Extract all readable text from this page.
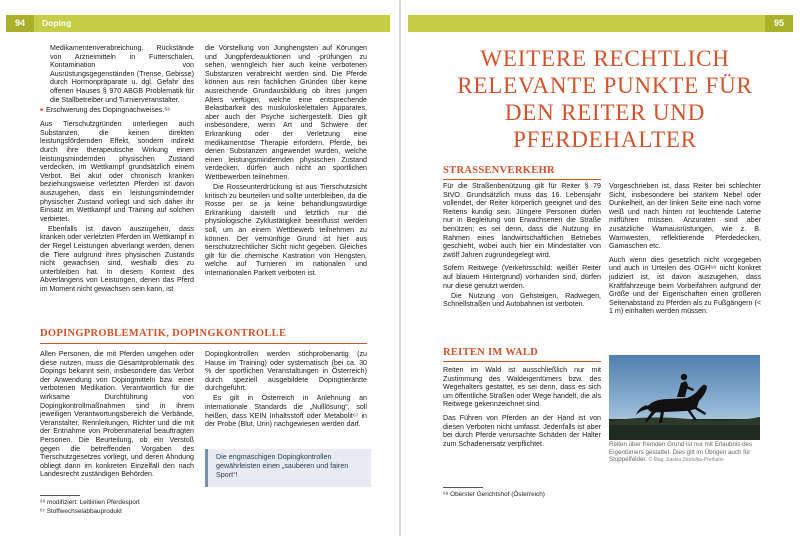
94	Doping	95

Medikamentenverabreichung, Rückstände von Arzneimitteln in Futterschalen, Kontamination von Ausrüstungsgegenständen (Trense, Gebisse) durch Hormonpräparate u. dgl. Gefahr des offenen Hauses § 970 ABGB Problematik für die Stallbetreiber und Turnierveranstalter.

■ Erschwerung des Dopingnachweises.⁶⁶

Aus Tierschutzgründen unterliegen auch Substanzen, die keinen direkten leistungsfördernden Effekt, sondern indirekt durch ihre therapeutische Wirkung einen leistungsmindernden physischen Zustand verdecken, im Wettkampf grundsätzlich einem Verbot. Bei akut oder chronisch kranken beziehungsweise verletzten Pferden ist davon auszugehen, dass ein leistungsmindernder physischer Zustand vorliegt und sich daher ihr Einsatz im Wettkampf und Training auf solchen verbietet.

Ebenfalls ist davon auszugehen, dass kranken oder verletzten Pferden im Wettkampf in der Regel Leistungen abverlangt werden, denen die Tiere aufgrund ihres physischen Zustands nicht gewachsen sind, weshalb dies zu unterbleiben hat. In diesem Kontext des Abverlangens von Leistungen, denen das Pferd im Moment nicht gewachsen sein kann, ist

die Vorstellung von Junghengsten auf Körungen und Jungpferdeauktionen und -prüfungen zu sehen, wenngleich hier auch keine verbotenen Substanzen verabreicht werden sind. Die Pferde können aus rein fachlichen Gründen über keine ausreichende Grundausbildung ob ihres jungen Alters verfügen, welche eine entsprechende Belastbarkeit des muskuloskelettalen Apparates, aber auch der Psyche sichergestellt. Dies gilt insbesondere, wenn Art und Schwere der Erkrankung oder der Verletzung eine medikamentöse Therapie erfordern. Pferde, bei denen Substanzen angewendet wurden, welche einen leistungsmindernden physischen Zustand verdecken, dürfen auch nicht an sportlichen Wettbewerben teilnehmen.

Die Rosseunterdrückung ist aus Tierschutzsicht kritisch zu beurteilen und sollte unterbleiben, da die Rosse per se ja keine behandlungswürdige Erkrankung darstellt und letztlich nur die physiologische Zyklustätigkeit beeinflusst werden soll, um an einem Wettbewerb teilnehmen zu können. Der vernünftige Grund ist hier aus tierschutzrechtlicher Sicht nicht gegeben. Gleiches gilt für die chemische Kastration von Hengsten, welche auf Turnieren im nationalen und internationalen Parkett verboten ist.

DOPINGPROBLEMATIK, DOPINGKONTROLLE

Allen Personen, die mit Pferden umgehen oder diese nutzen, muss die Gesamtproblematik des Dopings bekannt sein, insbesondere das Verbot der Anwendung von Dopingmitteln bzw. einer verbotenen Medikation. Verantwortlich für die wirksame Durchführung von Dopingkontrollmaßnahmen sind in ihrem jeweiligen Verantwortungsbereich die Verbände, Veranstalter, Rennleitungen, Richter und die mit der Entnahme von Probenmaterial beauftragten Personen. Die Beurteilung, ob ein Verstoß gegen die betreffenden Vorgaben des Tierschutzgesetzes vorliegt, und deren Ahndung obliegt dann im konkreten Einzelfall den nach Landesrecht zuständigen Behörden.

Dopingkontrollen werden stichprobenartig (zu Hause im Training) oder systematisch (bei ca. 30 % der sportlichen Veranstaltungen in Österreich) durch speziell ausgebildete Dopingtierärzte durchgeführt.

Es gilt in Österreich in Anlehnung an internationale Standards die „Nulllösung“, soll heißen, dass KEIN Inhaltsstoff oder Metabolit⁶⁷ in der Probe (Blut, Urin) nachgewiesen werden darf.

Die engmaschigen Dopingkontrollen gewährleisten einen „sauberen und fairen Sport“!
⁶⁶ modifiziert: Leitlinien Pferdesport
⁶⁷ Stoffwechselabbauprodukt
WEITERE RECHTLICH RELEVANTE PUNKTE FÜR DEN REITER UND PFERDEHALTER
STRASSENVERKEHR

Für die Straßenbenützung gilt für Reiter § 79 StVO. Grundsätzlich muss das 16. Lebensjahr vollendet, der Reiter körperlich geeignet und des Reitens kundig sein. Jüngere Personen dürfen nur in Begleitung von Erwachsenen die Straße benützen; es sei denn, dass die Nutzung im Rahmen eines landwirtschaftlichen Betriebes geschieht, wobei auch hier ein Mindestalter von zwölf Jahren zugrundegelegt wird.

Sofern Reitwege (Verkehrsschild: weißer Reiter auf blauem Hintergrund) vorhanden sind, dürfen nur diese genutzt werden.

Die Nutzung von Gehsteigen, Radwegen, Schnellstraßen und Autobahnen ist verboten.

Vorgeschrieben ist, dass Reiter bei schlechter Sicht, insbesondere bei starkem Nebel oder Dunkelheit, an der linken Seite eine nach vorne weiß und nach hinten rot leuchtende Laterne mitführen müssen. Anzuraten sind aber zusätzliche Warnausrüstungen, wie z. B. Warnwesten, reflektierende Pferdedecken, Gamaschen etc.

Auch wenn dies gesetzlich nicht vorgegeben und auch in Urteilen des OGH⁶⁸ nicht konkret judiziert ist, ist davon auszugehen, dass Kraftfahrzeuge beim Vorbeifahren aufgrund der Größe und der Eigenschaften einen größeren Seitenabstand zu Pferden als zu Fußgängern (< 1 m) einhalten werden müssen.

REITEN IM WALD

Reiten im Wald ist ausschließlich nur mit Zustimmung des Waldeigentümers bzw. des Wegehalters gestattet, es sei denn, dass es sich um öffentliche Straßen oder Wege handelt, die als Reitwege gekennzeichnet sind.

Das Führen von Pferden an der Hand ist von diesen Verboten nicht umfasst. Jedenfalls ist aber bei durch Pferde verursachte Schäden der Halter zum Schadenersatz verpflichtet.	Reiten über fremden Grund ist nur mit Erlaubnis des Eigentümers gestattet. Dies gilt im Übrigen auch für Stoppelfelder. © Mag. Saskia Stodulka-Prethaler
⁶⁸ Oberster Gerichtshof (Österreich)
